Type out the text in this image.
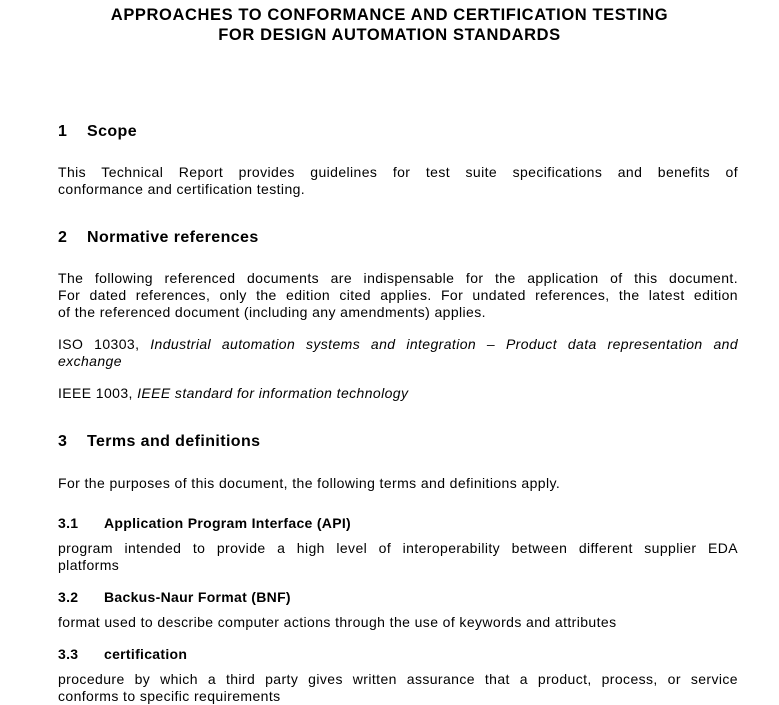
APPROACHES TO CONFORMANCE AND CERTIFICATION TESTING
FOR DESIGN AUTOMATION STANDARDS
1 Scope
This Technical Report provides guidelines for test suite specifications and benefits of
conformance and certification testing.
2 Normative references
The following referenced documents are indispensable for the application of this document.
For dated references, only the edition cited applies. For undated references, the latest edition
of the referenced document (including any amendments) applies.
ISO 10303, Industrial automation systems and integration – Product data representation and
exchange
IEEE 1003, IEEE standard for information technology
3 Terms and definitions
For the purposes of this document, the following terms and definitions apply.
3.1 Application Program Interface (API)
program intended to provide a high level of interoperability between different supplier EDA
platforms
3.2 Backus-Naur Format (BNF)
format used to describe computer actions through the use of keywords and attributes
3.3 certification
procedure by which a third party gives written assurance that a product, process, or service
conforms to specific requirements
